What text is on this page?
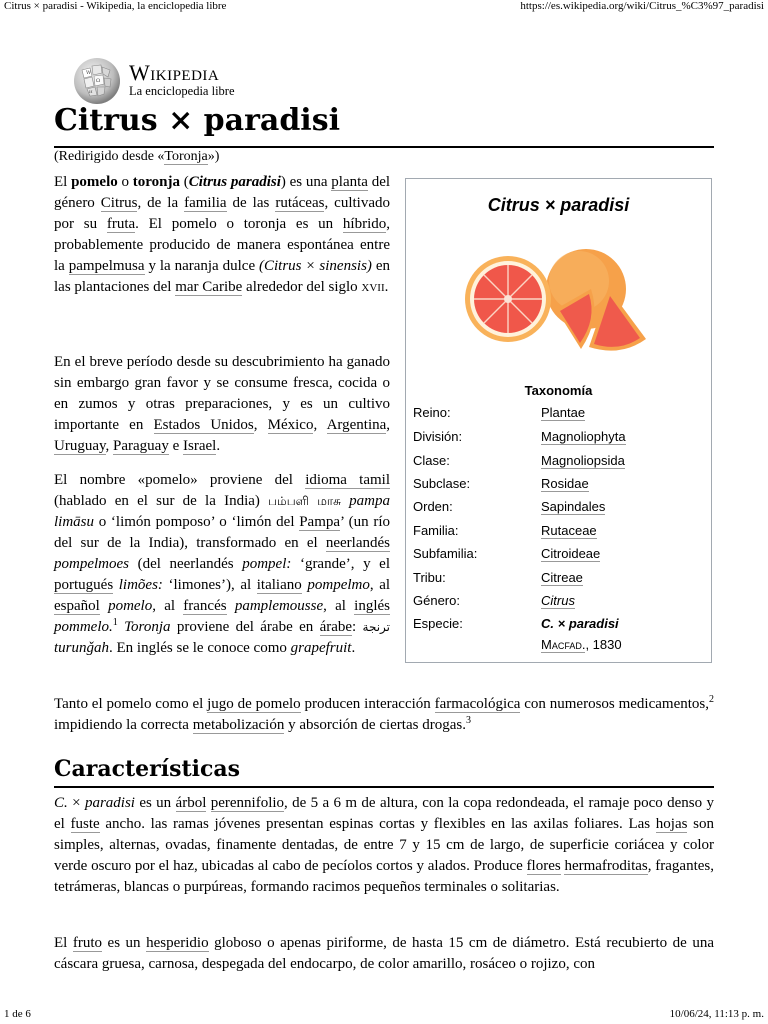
Citrus × paradisi - Wikipedia, la enciclopedia libre	https://es.wikipedia.org/wiki/Citrus_%C3%97_paradisi
W
Ω
И
Wikipedia
La enciclopedia libre
Citrus × paradisi
(Redirigido desde «Toronja»)

El pomelo o toronja (Citrus paradisi) es una planta del género Citrus, de la familia de las rutáceas, cultivado por su fruta. El pomelo o toronja es un híbrido, probablemente producido de manera espontánea entre la pampelmusa y la naranja dulce (Citrus × sinensis) en las plantaciones del mar Caribe alrededor del siglo xvii.

En el breve período desde su descubrimiento ha ganado sin embargo gran favor y se consume fresca, cocida o en zumos y otras preparaciones, y es un cultivo importante en Estados Unidos, México, Argentina, Uruguay, Paraguay e Israel.

El nombre «pomelo» proviene del idioma tamil (hablado en el sur de la India) பம்பளி மாசு pampa limāsu o ‘limón pomposo’ o ‘limón del Pampa’ (un río del sur de la India), transformado en el neerlandés pompelmoes (del neerlandés pompel: ‘grande’, y el portugués limões: ‘limones’), al italiano pompelmo, al español pomelo, al francés pamplemousse, al inglés pommelo.$^1$ Toronja proviene del árabe en árabe: ترنجة turunǧah. En inglés se le conoce como grapefruit.

Citrus × paradisi
Taxonomía
Reino:	Plantae
División:	Magnoliophyta
Clase:	Magnoliopsida
Subclase:	Rosidae
Orden:	Sapindales
Familia:	Rutaceae
Subfamilia:	Citroideae
Tribu:	Citreae
Género:	Citrus
Especie:	C. × paradisi
Macfad., 1830

Tanto el pomelo como el jugo de pomelo producen interacción farmacológica con numerosos medicamentos,$^2$ impidiendo la correcta metabolización y absorción de ciertas drogas.$^3$

Características

C. × paradisi es un árbol perennifolio, de 5 a 6 m de altura, con la copa redondeada, el ramaje poco denso y el fuste ancho. las ramas jóvenes presentan espinas cortas y flexibles en las axilas foliares. Las hojas son simples, alternas, ovadas, finamente dentadas, de entre 7 y 15 cm de largo, de superficie coriácea y color verde oscuro por el haz, ubicadas al cabo de pecíolos cortos y alados. Produce flores hermafroditas, fragantes, tetrámeras, blancas o purpúreas, formando racimos pequeños terminales o solitarias.

El fruto es un hesperidio globoso o apenas piriforme, de hasta 15 cm de diámetro. Está recubierto de una cáscara gruesa, carnosa, despegada del endocarpo, de color amarillo, rosáceo o rojizo, con

1 de 6	10/06/24, 11:13 p. m.
